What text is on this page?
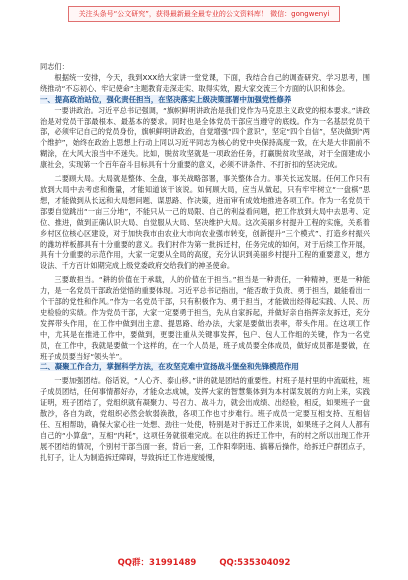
关注头条号“公文研究”，获得最新最全最专业的公文资料库！ 微信：gongwenyi

同志们：

根据统一安排，今天，我到XXX给大家讲一堂党课，下面，我结合自己的调查研究、学习思考，围绕推动“不忘初心、牢记使命”主题教育走深走实、取得实效，跟大家交流三个方面的认识和体会。

一、提高政治站位，强化责任担当，在坚决落实上级决策部署中加强党性修养

一要讲政治。习近平总书记强调，“旗帜鲜明讲政治是我们党作为马克思主义政党的根本要求。”讲政治是对党员干部最根本、最基本的要求。同时也是全体党员干部应当遵守的底线。作为一名基层党员干部，必须牢记自己的党员身份，旗帜鲜明讲政治，自觉增强“四个意识”，坚定“四个自信”，坚决做到“两个维护”，始终在政治上思想上行动上同以习近平同志为核心的党中央保持高度一致，在大是大非面前不糊涂，在大风大浪当中不迷失。比如，脱贫攻坚就是一项政治任务，打赢脱贫攻坚战，对于全面建成小康社会，实现第一个百年奋斗目标具有十分重要的意义，必须不讲条件、不打折扣的坚决完成。

二要顾大局。大局就是整体、全盘，事关战略部署，事关整体合力。事关长远发展。任何工作只有放到大局中去考虑和衡量，才能知道该干该说。如何顾大局，应当从做起，只有牢牢树立“一盘棋”思想，才能做到从长远和大局想问题、谋思路、作决策，进而审有成效地推进各项工作。作为一名党员干部要自觉跳出“一亩三分地”，不能只从一己的局限、自己的利益看问题，把工作放到大局中去思考、定位、推进，做到正确认识大局、自觉服从大局、坚决维护大局。这次美丽乡村提升工程的实施，关系着乡村区位核心区建设，对于加快我市由农业大市向农业强市转变，创新提升“三个模式”、打造乡村振兴的潍坊样板都具有十分重要的意义。我们村作为第一批拆迁村，任务完成的如何，对于后续工作开展，具有十分重要的示范作用，大家一定要从全局的高度，充分认识到美丽乡村提升工程的重要意义，想方设法、千方百计如期完成上级党委政府交给我们的神圣使命。

三要敢担当。“耕的价值在于承载，人的价值在于担当。”担当是一种责任，一种精神，更是一种能力，是一名党员干部政治觉悟的重要体现。习近平总书记指出，“能否敢于负责、勇于担当，最能看出一个干部的党性和作风。”作为一名党员干部，只有积极作为、勇于担当，才能做出经得起实践、人民、历史检验的实绩。作为党员干部，大家一定要勇于担当，先从自家拆起，并做好亲自指挥亲友拆迁，充分发挥带头作用，在工作中做到出主意、提思路、给办法，大家是要做出表率，带头作用。在这项工作中，尤其是在推进工作中，要做到，更要注重从关键事发挥，包户、包人工作组的关键，作为一名党员，在工作中，我就是要做一个这样的，在一个人员是，班子成员要全体成员，做好成员都是要做，在班子成员要当好“领头羊”。

二、凝聚工作合力，掌握科学方法，在攻坚克难中宣扬战斗堡垒和先锋模范作用

一要加强团结。俗话说，“人心齐、泰山移。”讲的就是团结的重要性。村班子是村里的中流砥柱，班子成员团结，任何事情都好办，才能众志成城，发挥大家的智慧集体到为本村谋发展的方向上来，实践证明，班子团结了，党组织就有凝聚力、号召力、战斗力，就会出成绩、出经验，相反，如果班子一盘散沙，各自为政，党组织必然会软弱涣散，各项工作也寸步难行。班子成员一定要互相支持、互相信任、互相帮助，确保大家心往一处想、劲往一处使，特别是对于拆迁工作来说，如果班子之间人人都有自己的“小算盘”，互相“内耗”，这项任务就很难完成。在以往的拆迁工作中，有的村之所以出现工作开展不团结的情况，个别村干部当面一套，背后一套，工作阳奉阴违、搞幕后操作，给拆迁户群团点子，扎钉子，让人为制造拆迁障碍，导致拆迁工作进度缓慢，

QQ群：31991489	QQ:535304092
